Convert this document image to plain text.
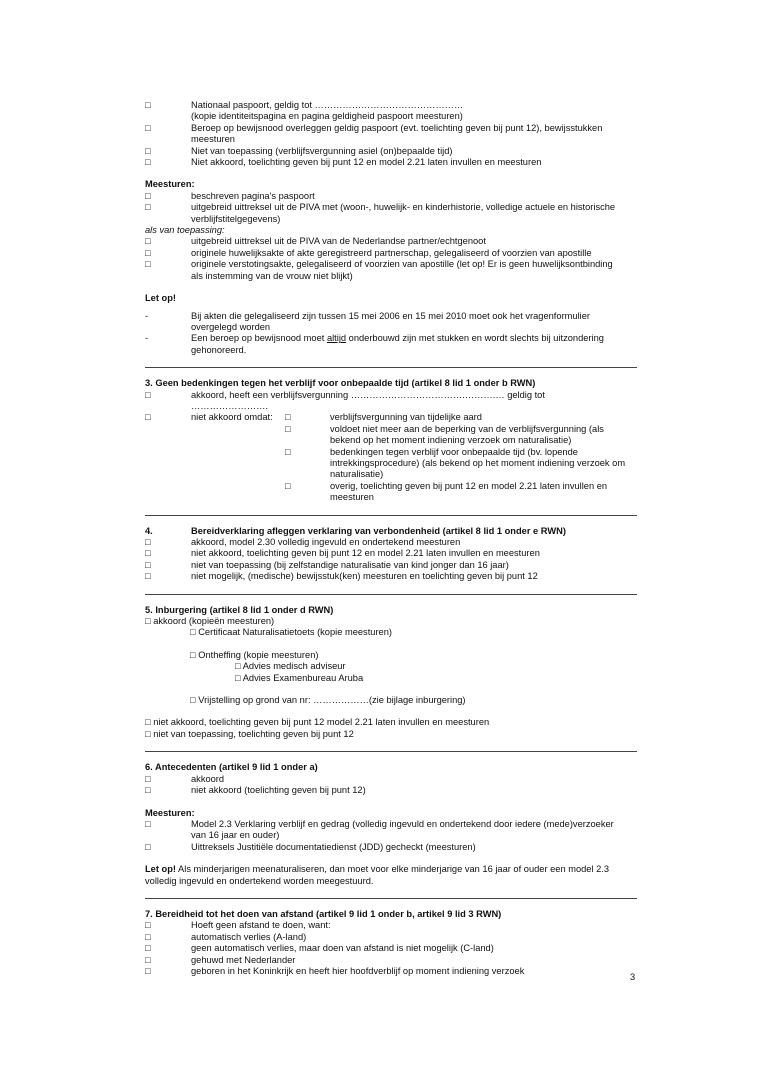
□	Nationaal paspoort, geldig tot …………………………………………
(kopie identiteitspagina en pagina geldigheid paspoort meesturen)
□	Beroep op bewijsnood overleggen geldig paspoort (evt. toelichting geven bij punt 12), bewijsstukken
meesturen
□	Niet van toepassing (verblijfsvergunning asiel (on)bepaalde tijd)
□	Niet akkoord, toelichting geven bij punt 12 en model 2.21 laten invullen en meesturen
Meesturen:
□	beschreven pagina's paspoort
□	uitgebreid uittreksel uit de PIVA met (woon-, huwelijk- en kinderhistorie, volledige actuele en historische
verblijfstitelgegevens)
als van toepassing:
□	uitgebreid uittreksel uit de PIVA van de Nederlandse partner/echtgenoot
□	originele huwelijksakte of akte geregistreerd partnerschap, gelegaliseerd of voorzien van apostille
□	originele verstotingsakte, gelegaliseerd of voorzien van apostille (let op! Er is geen huwelijksontbinding
als instemming van de vrouw niet blijkt)
Let op!
-	Bij akten die gelegaliseerd zijn tussen 15 mei 2006 en 15 mei 2010 moet ook het vragenformulier
overgelegd worden
-	Een beroep op bewijsnood moet altijd onderbouwd zijn met stukken en wordt slechts bij uitzondering
gehonoreerd.
3. Geen bedenkingen tegen het verblijf voor onbepaalde tijd (artikel 8 lid 1 onder b RWN)
□	akkoord, heeft een verblijfsvergunning ……………………………….……….… geldig tot
…………………….
□	niet akkoord omdat: □	verblijfsvergunning van tijdelijke aard
□	voldoet niet meer aan de beperking van de verblijfsvergunning (als
bekend op het moment indiening verzoek om naturalisatie)
□	bedenkingen tegen verblijf voor onbepaalde tijd (bv. lopende
intrekkingsprocedure) (als bekend op het moment indiening verzoek om
naturalisatie)
□	overig, toelichting geven bij punt 12 en model 2.21 laten invullen en
meesturen
4.	Bereidverklaring afleggen verklaring van verbondenheid (artikel 8 lid 1 onder e RWN)
□	akkoord, model 2.30 volledig ingevuld en ondertekend meesturen
□	niet akkoord, toelichting geven bij punt 12 en model 2.21 laten invullen en meesturen
□	niet van toepassing (bij zelfstandige naturalisatie van kind jonger dan 16 jaar)
□	niet mogelijk, (medische) bewijsstuk(ken) meesturen en toelichting geven bij punt 12
5. Inburgering (artikel 8 lid 1 onder d RWN)
□ akkoord (kopieën meesturen)
□ Certificaat Naturalisatietoets (kopie meesturen)
□ Ontheffing (kopie meesturen)
□ Advies medisch adviseur
□ Advies Examenbureau Aruba
□ Vrijstelling op grond van nr: ………………(zie bijlage inburgering)
□ niet akkoord, toelichting geven bij punt 12 model 2.21 laten invullen en meesturen
□ niet van toepassing, toelichting geven bij punt 12
6. Antecedenten (artikel 9 lid 1 onder a)
□	akkoord
□	niet akkoord (toelichting geven bij punt 12)
Meesturen:
□	Model 2.3 Verklaring verblijf en gedrag (volledig ingevuld en ondertekend door iedere (mede)verzoeker
van 16 jaar en ouder)
□	Uittreksels Justitiële documentatiedienst (JDD) gecheckt (meesturen)
Let op! Als minderjarigen meenaturaliseren, dan moet voor elke minderjarige van 16 jaar of ouder een model 2.3
volledig ingevuld en ondertekend worden meegestuurd.
7. Bereidheid tot het doen van afstand (artikel 9 lid 1 onder b, artikel 9 lid 3 RWN)
□	Hoeft geen afstand te doen, want:
□	automatisch verlies (A-land)
□	geen automatisch verlies, maar doen van afstand is niet mogelijk (C-land)
□	gehuwd met Nederlander
□	geboren in het Koninkrijk en heeft hier hoofdverblijf op moment indiening verzoek
3
